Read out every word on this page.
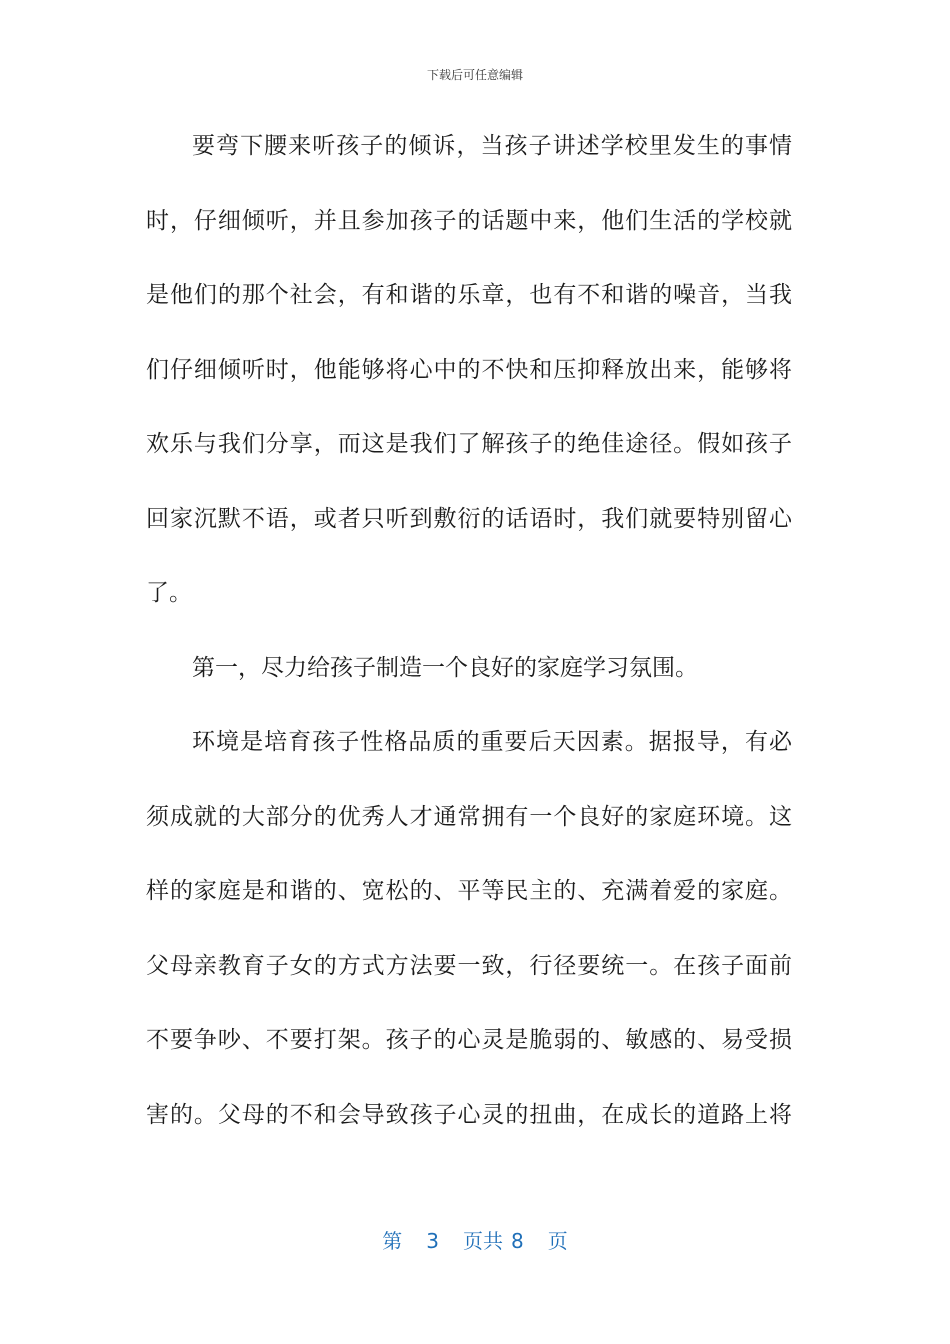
下载后可任意编辑
要弯下腰来听孩子的倾诉，当孩子讲述学校里发生的事情
时，仔细倾听，并且参加孩子的话题中来，他们生活的学校就
是他们的那个社会，有和谐的乐章，也有不和谐的噪音，当我
们仔细倾听时，他能够将心中的不快和压抑释放出来，能够将
欢乐与我们分享，而这是我们了解孩子的绝佳途径。假如孩子
回家沉默不语，或者只听到敷衍的话语时，我们就要特别留心
了。
第一，尽力给孩子制造一个良好的家庭学习氛围。
环境是培育孩子性格品质的重要后天因素。据报导，有必
须成就的大部分的优秀人才通常拥有一个良好的家庭环境。这
样的家庭是和谐的、宽松的、平等民主的、充满着爱的家庭。
父母亲教育子女的方式方法要一致，行径要统一。在孩子面前
不要争吵、不要打架。孩子的心灵是脆弱的、敏感的、易受损
害的。父母的不和会导致孩子心灵的扭曲，在成长的道路上将
第 3 页共 8 页
